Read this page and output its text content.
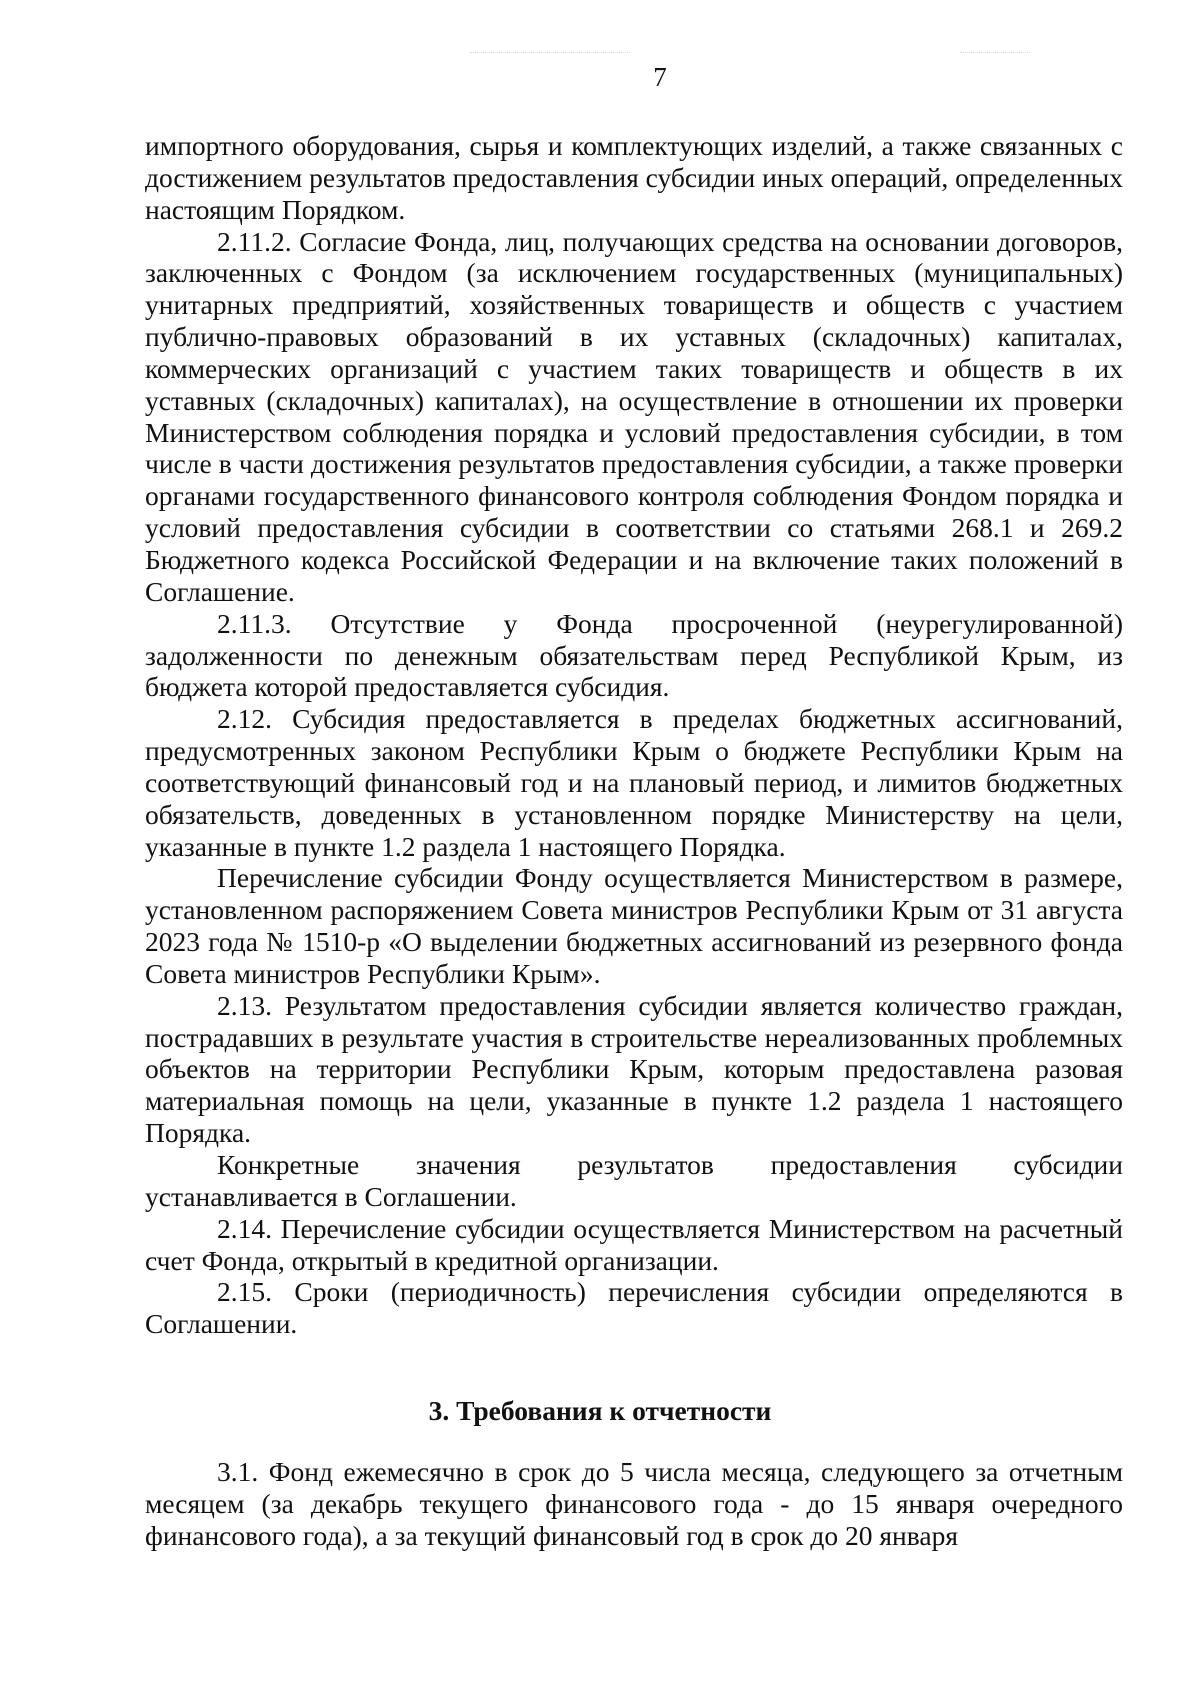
7

импортного оборудования, сырья и комплектующих изделий, а также связанных с достижением результатов предоставления субсидии иных операций, определенных настоящим Порядком.

2.11.2. Согласие Фонда, лиц, получающих средства на основании договоров, заключенных с Фондом (за исключением государственных (муниципальных) унитарных предприятий, хозяйственных товариществ и обществ с участием публично-правовых образований в их уставных (складочных) капиталах, коммерческих организаций с участием таких товариществ и обществ в их уставных (складочных) капиталах), на осуществление в отношении их проверки Министерством соблюдения порядка и условий предоставления субсидии, в том числе в части достижения результатов предоставления субсидии, а также проверки органами государственного финансового контроля соблюдения Фондом порядка и условий предоставления субсидии в соответствии со статьями 268.1 и 269.2 Бюджетного кодекса Российской Федерации и на включение таких положений в Соглашение.

2.11.3. Отсутствие у Фонда просроченной (неурегулированной) задолженности по денежным обязательствам перед Республикой Крым, из бюджета которой предоставляется субсидия.

2.12. Субсидия предоставляется в пределах бюджетных ассигнований, предусмотренных законом Республики Крым о бюджете Республики Крым на соответствующий финансовый год и на плановый период, и лимитов бюджетных обязательств, доведенных в установленном порядке Министерству на цели, указанные в пункте 1.2 раздела 1 настоящего Порядка.

Перечисление субсидии Фонду осуществляется Министерством в размере, установленном распоряжением Совета министров Республики Крым от 31 августа 2023 года № 1510-р «О выделении бюджетных ассигнований из резервного фонда Совета министров Республики Крым».

2.13. Результатом предоставления субсидии является количество граждан, пострадавших в результате участия в строительстве нереализованных проблемных объектов на территории Республики Крым, которым предоставлена разовая материальная помощь на цели, указанные в пункте 1.2 раздела 1 настоящего Порядка.

Конкретные значения результатов предоставления субсидии устанавливается в Соглашении.

2.14. Перечисление субсидии осуществляется Министерством на расчетный счет Фонда, открытый в кредитной организации.

2.15. Сроки (периодичность) перечисления субсидии определяются в Соглашении.

3. Требования к отчетности

3.1. Фонд ежемесячно в срок до 5 числа месяца, следующего за отчетным месяцем (за декабрь текущего финансового года - до 15 января очередного финансового года), а за текущий финансовый год в срок до 20 января
